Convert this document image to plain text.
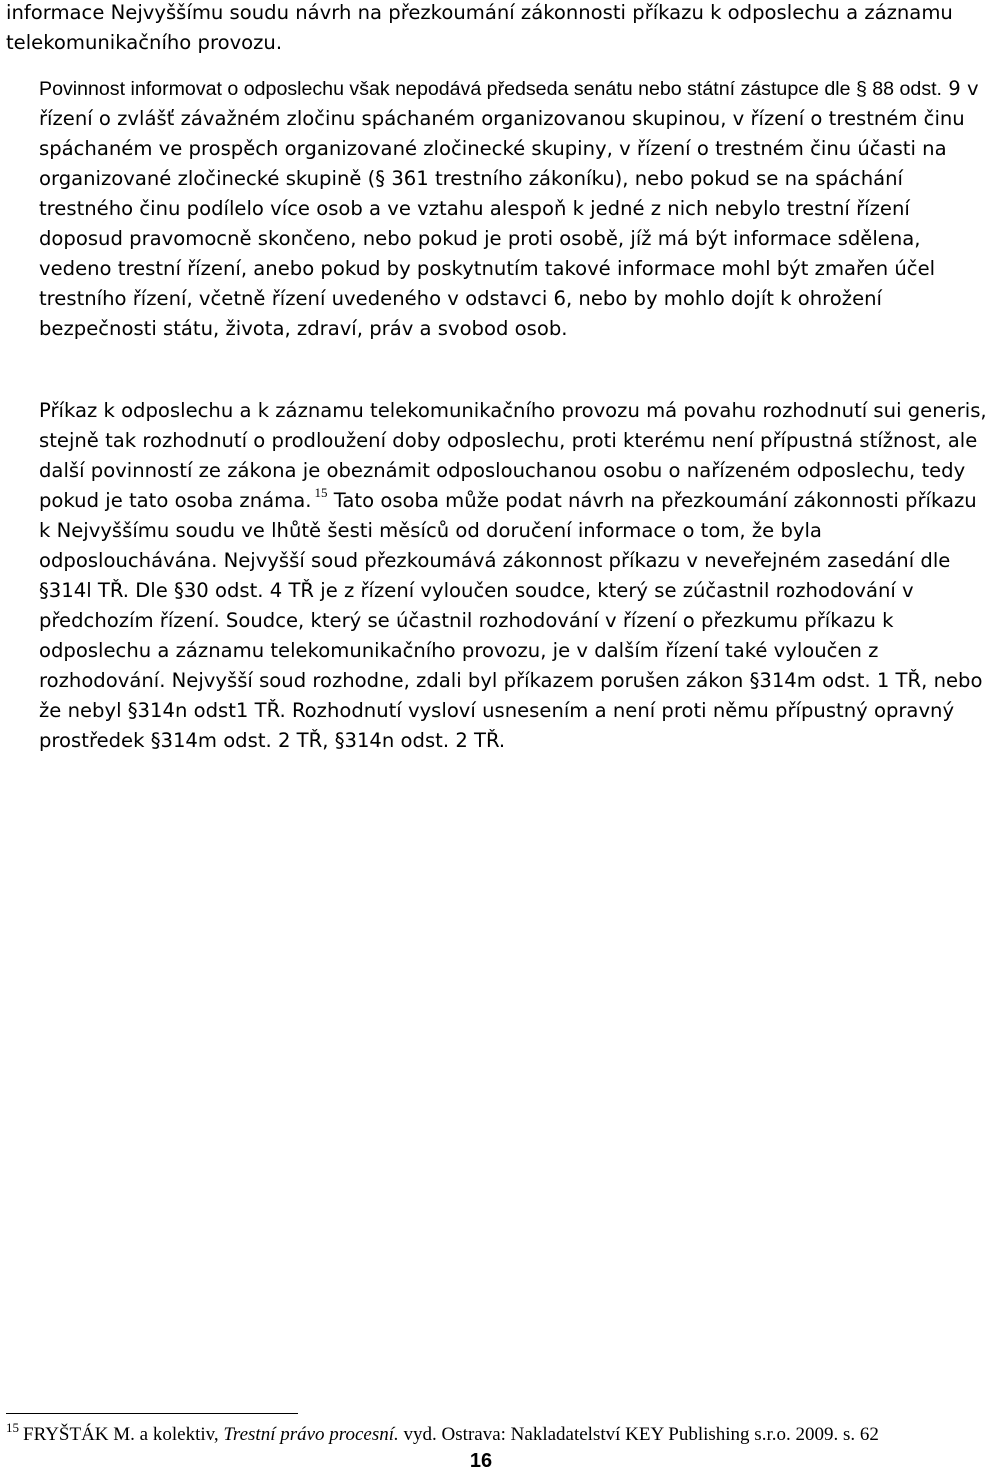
informace Nejvyššímu soudu návrh na přezkoumání zákonnosti příkazu k odposlechu a záznamu telekomunikačního provozu.

Povinnost informovat o odposlechu však nepodává předseda senátu nebo státní zástupce dle § 88 odst. 9 v řízení o zvlášť závažném zločinu spáchaném organizovanou skupinou, v řízení o trestném činu spáchaném ve prospěch organizované zločinecké skupiny, v řízení o trestném činu účasti na organizované zločinecké skupině (§ 361 trestního zákoníku), nebo pokud se na spáchání trestného činu podílelo více osob a ve vztahu alespoň k jedné z nich nebylo trestní řízení doposud pravomocně skončeno, nebo pokud je proti osobě, jíž má být informace sdělena, vedeno trestní řízení, anebo pokud by poskytnutím takové informace mohl být zmařen účel trestního řízení, včetně řízení uvedeného v odstavci 6, nebo by mohlo dojít k ohrožení bezpečnosti státu, života, zdraví, práv a svobod osob.

Příkaz k odposlechu a k záznamu telekomunikačního provozu má povahu rozhodnutí sui generis, stejně tak rozhodnutí o prodloužení doby odposlechu, proti kterému není přípustná stížnost, ale další povinností ze zákona je obeznámit odposlouchanou osobu o nařízeném odposlechu, tedy pokud je tato osoba známa. $^{15}$ Tato osoba může podat návrh na přezkoumání zákonnosti příkazu k Nejvyššímu soudu ve lhůtě šesti měsíců od doručení informace o tom, že byla odposlouchávána. Nejvyšší soud přezkoumává zákonnost příkazu v neveřejném zasedání dle §314l TŘ. Dle §30 odst. 4 TŘ je z řízení vyloučen soudce, který se zúčastnil rozhodování v předchozím řízení. Soudce, který se účastnil rozhodování v řízení o přezkumu příkazu k odposlechu a záznamu telekomunikačního provozu, je v dalším řízení také vyloučen z rozhodování. Nejvyšší soud rozhodne, zdali byl příkazem porušen zákon §314m odst. 1 TŘ, nebo že nebyl §314n odst1 TŘ. Rozhodnutí vysloví usnesením a není proti němu přípustný opravný prostředek §314m odst. 2 TŘ, §314n odst. 2 TŘ.

$^{15}$ FRYŠTÁK M. a kolektiv, Trestní právo procesní. vyd. Ostrava: Nakladatelství KEY Publishing s.r.o. 2009. s. 62

16
